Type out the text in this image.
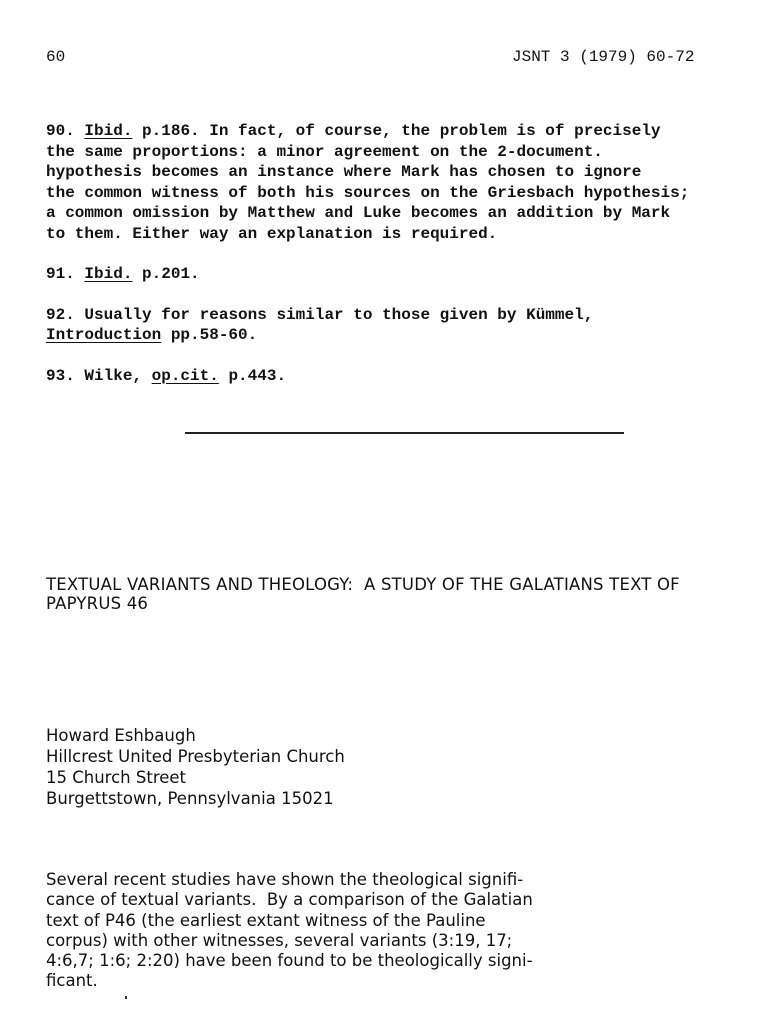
60	JSNT 3 (1979) 60-72
90. Ibid. p.186. In fact, of course, the problem is of precisely
the same proportions: a minor agreement on the 2-document.
hypothesis becomes an instance where Mark has chosen to ignore
the common witness of both his sources on the Griesbach hypothesis;
a common omission by Matthew and Luke becomes an addition by Mark
to them. Either way an explanation is required.
91. Ibid. p.201.
92. Usually for reasons similar to those given by Kümmel,
Introduction pp.58-60.
93. Wilke, op.cit. p.443.
TEXTUAL VARIANTS AND THEOLOGY:  A STUDY OF THE GALATIANS TEXT OF
PAPYRUS 46
Howard Eshbaugh
Hillcrest United Presbyterian Church
15 Church Street
Burgettstown, Pennsylvania 15021
Several recent studies have shown the theological signifi-
cance of textual variants.  By a comparison of the Galatian
text of P46 (the earliest extant witness of the Pauline
corpus) with other witnesses, several variants (3:19, 17;
4:6,7; 1:6; 2:20) have been found to be theologically signi-
ficant.
